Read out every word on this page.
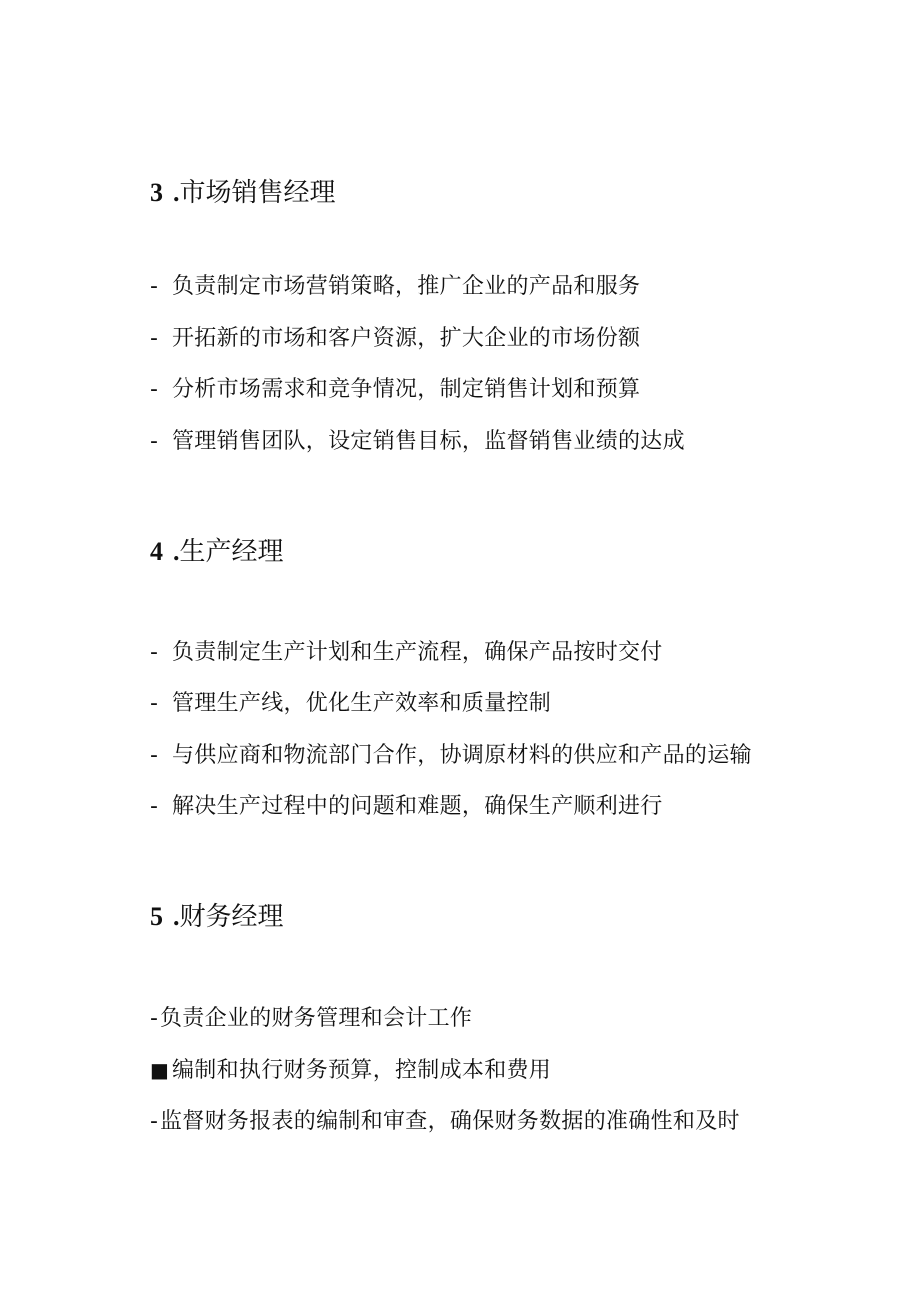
3 .市场销售经理

- 负责制定市场营销策略，推广企业的产品和服务

- 开拓新的市场和客户资源，扩大企业的市场份额

- 分析市场需求和竞争情况，制定销售计划和预算

- 管理销售团队，设定销售目标，监督销售业绩的达成

4 .生产经理

- 负责制定生产计划和生产流程，确保产品按时交付

- 管理生产线，优化生产效率和质量控制

- 与供应商和物流部门合作，协调原材料的供应和产品的运输

- 解决生产过程中的问题和难题，确保生产顺利进行

5 .财务经理

-负责企业的财务管理和会计工作

■ 编制和执行财务预算，控制成本和费用

-监督财务报表的编制和审查，确保财务数据的准确性和及时
